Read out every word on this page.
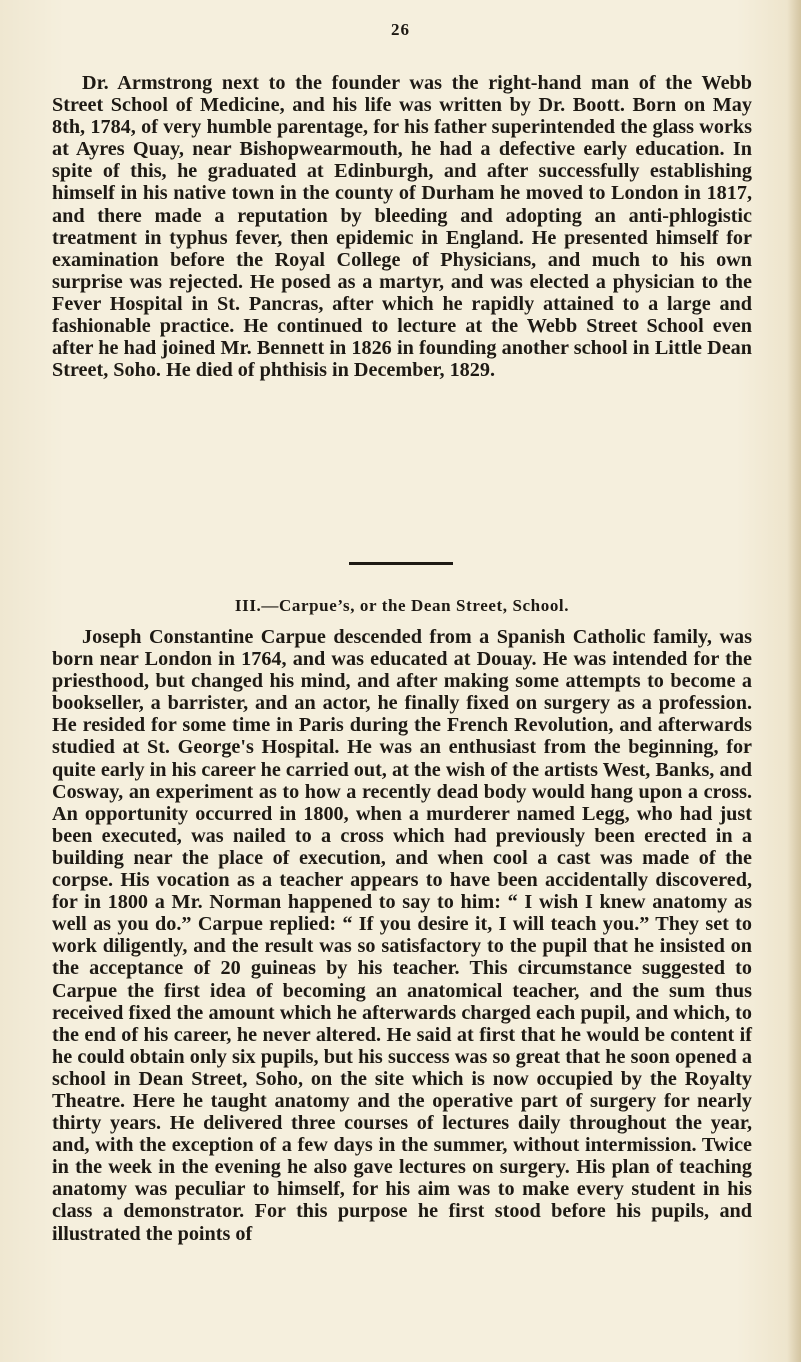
26

Dr. Armstrong next to the founder was the right-hand man of the Webb Street School of Medicine, and his life was written by Dr. Boott. Born on May 8th, 1784, of very humble parentage, for his father superintended the glass works at Ayres Quay, near Bishopwearmouth, he had a defective early education. In spite of this, he graduated at Edinburgh, and after successfully establishing himself in his native town in the county of Durham he moved to London in 1817, and there made a reputation by bleeding and adopting an anti-phlogistic treatment in typhus fever, then epidemic in England. He presented himself for examination before the Royal College of Physicians, and much to his own surprise was rejected. He posed as a martyr, and was elected a physician to the Fever Hospital in St. Pancras, after which he rapidly attained to a large and fashionable practice. He continued to lecture at the Webb Street School even after he had joined Mr. Bennett in 1826 in founding another school in Little Dean Street, Soho. He died of phthisis in December, 1829.

III.—Carpue’s, or the Dean Street, School.

Joseph Constantine Carpue descended from a Spanish Catholic family, was born near London in 1764, and was educated at Douay. He was intended for the priesthood, but changed his mind, and after making some attempts to become a bookseller, a barrister, and an actor, he finally fixed on surgery as a profession. He resided for some time in Paris during the French Revolution, and afterwards studied at St. George's Hospital. He was an enthusiast from the beginning, for quite early in his career he carried out, at the wish of the artists West, Banks, and Cosway, an experiment as to how a recently dead body would hang upon a cross. An opportunity occurred in 1800, when a murderer named Legg, who had just been executed, was nailed to a cross which had previously been erected in a building near the place of execution, and when cool a cast was made of the corpse. His vocation as a teacher appears to have been accidentally discovered, for in 1800 a Mr. Norman happened to say to him: “ I wish I knew anatomy as well as you do.” Carpue replied: “ If you desire it, I will teach you.” They set to work diligently, and the result was so satisfactory to the pupil that he insisted on the acceptance of 20 guineas by his teacher. This circumstance suggested to Carpue the first idea of becoming an anatomical teacher, and the sum thus received fixed the amount which he afterwards charged each pupil, and which, to the end of his career, he never altered. He said at first that he would be content if he could obtain only six pupils, but his success was so great that he soon opened a school in Dean Street, Soho, on the site which is now occupied by the Royalty Theatre. Here he taught anatomy and the operative part of surgery for nearly thirty years. He delivered three courses of lectures daily throughout the year, and, with the exception of a few days in the summer, without intermission. Twice in the week in the evening he also gave lectures on surgery. His plan of teaching anatomy was peculiar to himself, for his aim was to make every student in his class a demonstrator. For this purpose he first stood before his pupils, and illustrated the points of
